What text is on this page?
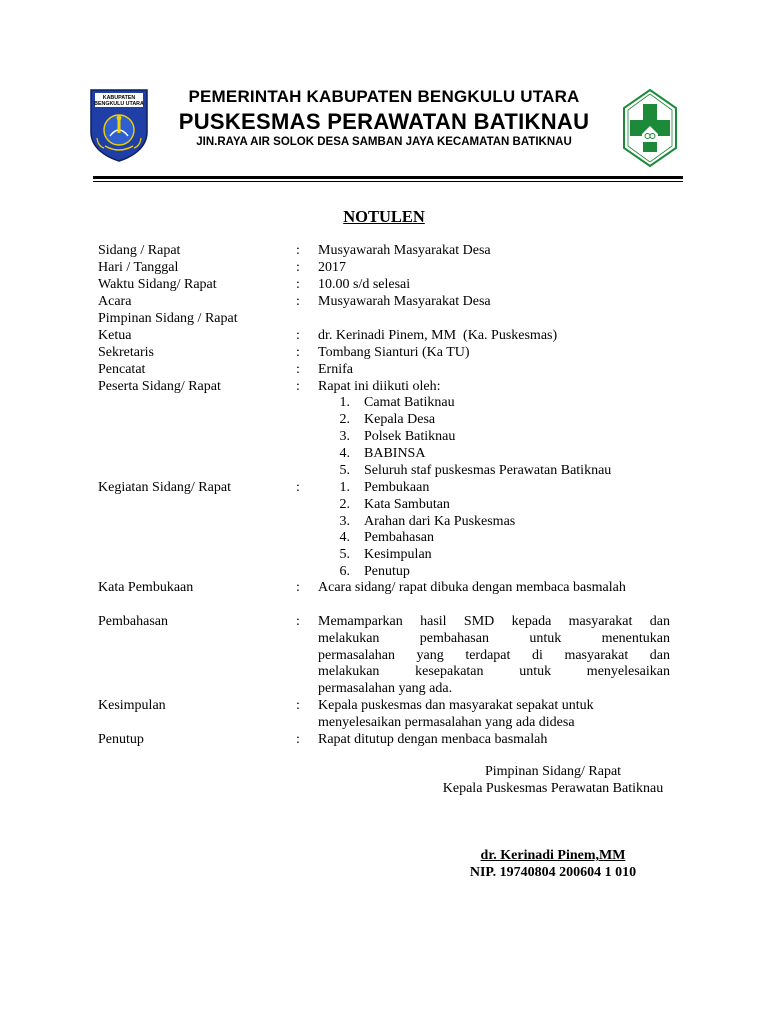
KABUPATEN
BENGKULU UTARA	PEMERINTAH KABUPATEN BENGKULU UTARA
PUSKESMAS PERAWATAN BATIKNAU
JIN.RAYA AIR SOLOK DESA SAMBAN JAYA KECAMATAN BATIKNAU
NOTULEN
Sidang / Rapat	: Musyawarah Masyarakat Desa
Hari / Tanggal	: 2017
Waktu Sidang/ Rapat	: 10.00 s/d selesai
Acara	: Musyawarah Masyarakat Desa
Pimpinan Sidang / Rapat
Ketua	: dr. Kerinadi Pinem, MM  (Ka. Puskesmas)
Sekretaris	: Tombang Sianturi (Ka TU)
Pencatat	: Ernifa
Peserta Sidang/ Rapat	: Rapat ini diikuti oleh:
1. Camat Batiknau
2. Kepala Desa
3. Polsek Batiknau
4. BABINSA
5. Seluruh staf puskesmas Perawatan Batiknau
Kegiatan Sidang/ Rapat	:	1. Pembukaan
2. Kata Sambutan
3. Arahan dari Ka Puskesmas
4. Pembahasan
5. Kesimpulan
6. Penutup
Kata Pembukaan	: Acara sidang/ rapat dibuka dengan membaca basmalah
Pembahasan	: Memamparkan hasil SMD kepada masyarakat dan
melakukan pembahasan untuk menentukan
permasalahan yang terdapat di masyarakat dan
melakukan kesepakatan untuk menyelesaikan
permasalahan yang ada.
Kesimpulan	: Kepala puskesmas dan masyarakat sepakat untuk
menyelesaikan permasalahan yang ada didesa
Penutup	: Rapat ditutup dengan menbaca basmalah
Pimpinan Sidang/ Rapat
Kepala Puskesmas Perawatan Batiknau
dr. Kerinadi Pinem,MM
NIP. 19740804 200604 1 010
